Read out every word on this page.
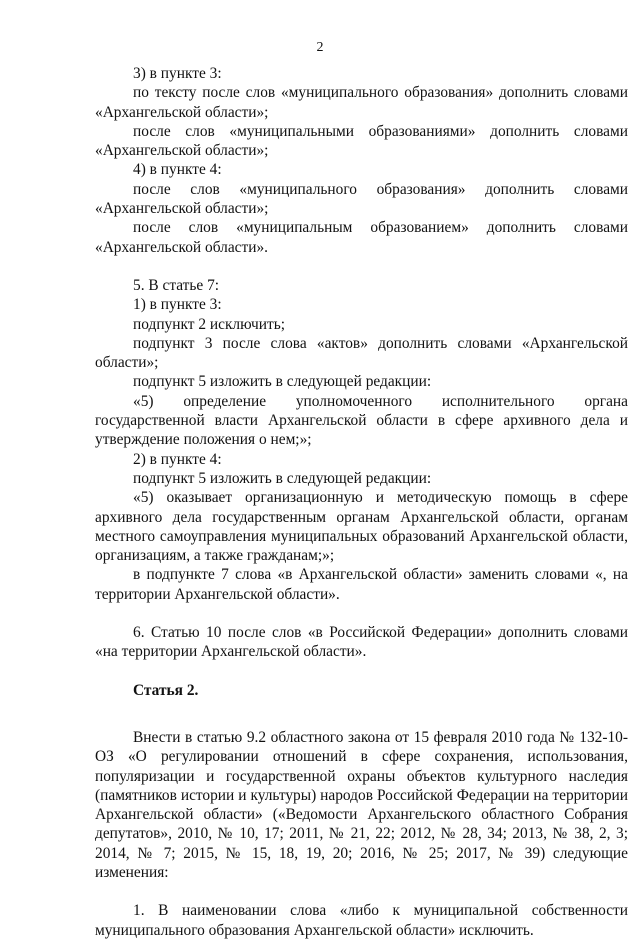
2

3) в пункте 3:

по тексту после слов «муниципального образования» дополнить словами «Архангельской области»;

после слов «муниципальными образованиями» дополнить словами «Архангельской области»;

4) в пункте 4:

после слов «муниципального образования» дополнить словами «Архангельской области»;

после слов «муниципальным образованием» дополнить словами «Архангельской области».

5. В статье 7:

1) в пункте 3:

подпункт 2 исключить;

подпункт 3 после слова «актов» дополнить словами «Архангельской области»;

подпункт 5 изложить в следующей редакции:

«5) определение уполномоченного исполнительного органа государственной власти Архангельской области в сфере архивного дела и утверждение положения о нем;»;

2) в пункте 4:

подпункт 5 изложить в следующей редакции:

«5) оказывает организационную и методическую помощь в сфере архивного дела государственным органам Архангельской области, органам местного самоуправления муниципальных образований Архангельской области, организациям, а также гражданам;»;

в подпункте 7 слова «в Архангельской области» заменить словами «, на территории Архангельской области».

6. Статью 10 после слов «в Российской Федерации» дополнить словами «на территории Архангельской области».

Статья 2.

Внести в статью 9.2 областного закона от 15 февраля 2010 года № 132-10-ОЗ «О регулировании отношений в сфере сохранения, использования, популяризации и государственной охраны объектов культурного наследия (памятников истории и культуры) народов Российской Федерации на территории Архангельской области» («Ведомости Архангельского областного Собрания депутатов», 2010, № 10, 17; 2011, № 21, 22; 2012, № 28, 34; 2013, № 38, 2, 3; 2014, № 7; 2015, № 15, 18, 19, 20; 2016, № 25; 2017, № 39) следующие изменения:

1. В наименовании слова «либо к муниципальной собственности муниципального образования Архангельской области» исключить.
